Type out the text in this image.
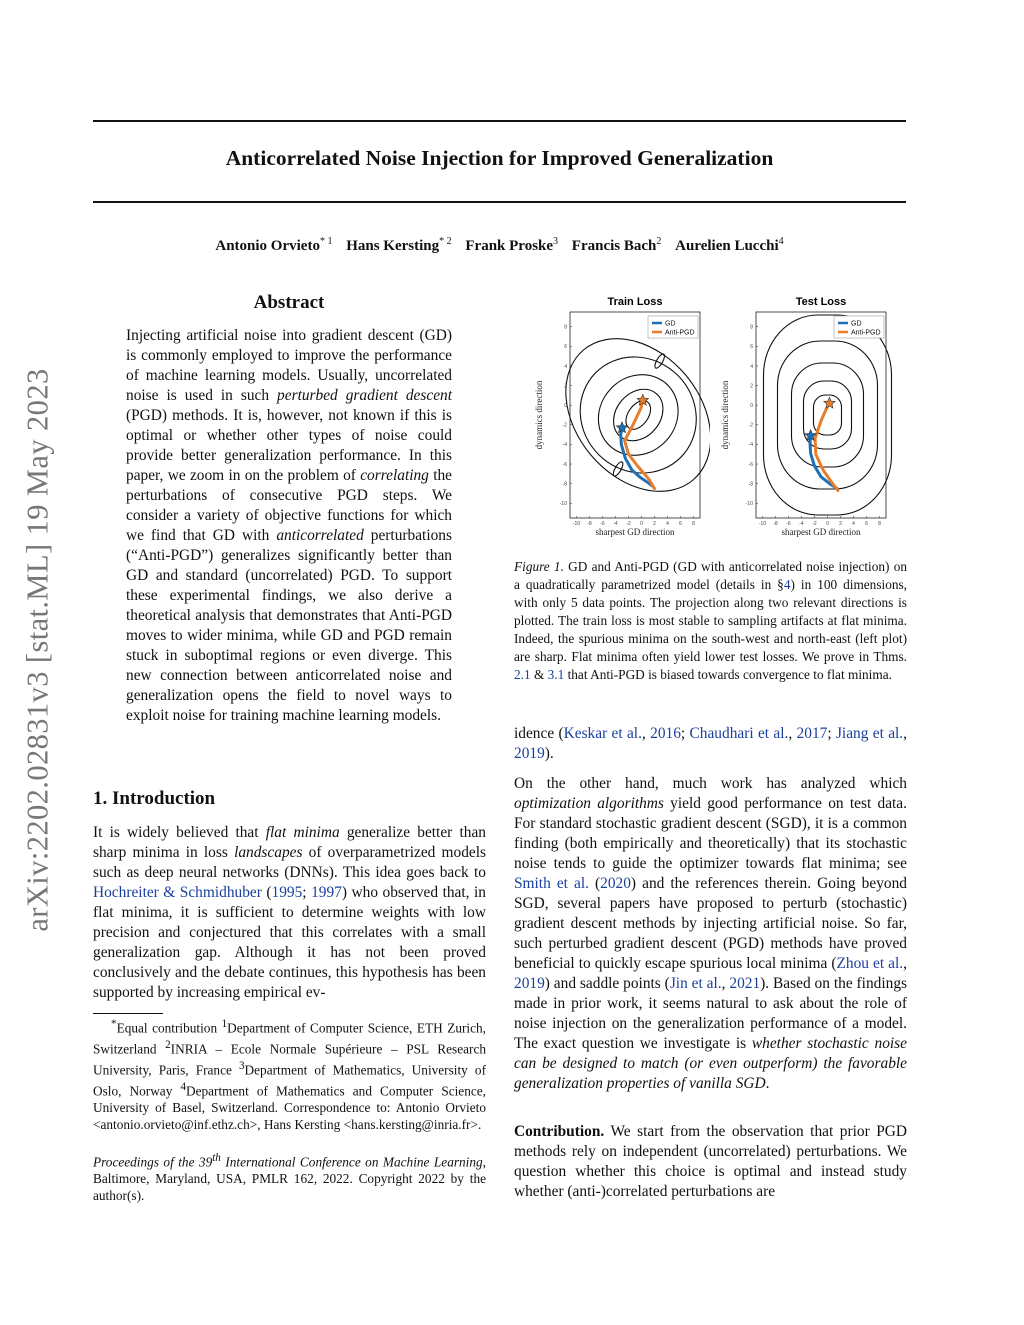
Anticorrelated Noise Injection for Improved Generalization
Antonio Orvieto$^{* 1}$ Hans Kersting$^{* 2}$ Frank Proske$^3$ Francis Bach$^2$ Aurelien Lucchi$^4$
arXiv:2202.02831v3 [stat.ML] 19 May 2023
Abstract
Injecting artificial noise into gradient descent (GD) is commonly employed to improve the performance of machine learning models. Usually, uncorrelated noise is used in such perturbed gradient descent (PGD) methods. It is, however, not known if this is optimal or whether other types of noise could provide better generalization performance. In this paper, we zoom in on the problem of correlating the perturbations of consecutive PGD steps. We consider a variety of objective functions for which we find that GD with anticorrelated perturbations (“Anti-PGD”) generalizes significantly better than GD and standard (uncorrelated) PGD. To support these experimental findings, we also derive a theoretical analysis that demonstrates that Anti-PGD moves to wider minima, while GD and PGD remain stuck in suboptimal regions or even diverge. This new connection between anticorrelated noise and generalization opens the field to novel ways to exploit noise for training machine learning models.
1. Introduction
It is widely believed that flat minima generalize better than sharp minima in loss landscapes of overparametrized models such as deep neural networks (DNNs). This idea goes back to Hochreiter & Schmidhuber (1995; 1997) who observed that, in flat minima, it is sufficient to determine weights with low precision and conjectured that this correlates with a small generalization gap. Although it has not been proved conclusively and the debate continues, this hypothesis has been supported by increasing empirical ev-
*Equal contribution $^1$Department of Computer Science, ETH Zurich, Switzerland $^2$INRIA – Ecole Normale Supérieure – PSL Research University, Paris, France $^3$Department of Mathematics, University of Oslo, Norway $^4$Department of Mathematics and Computer Science, University of Basel, Switzerland. Correspondence to: Antonio Orvieto <antonio.orvieto@inf.ethz.ch>, Hans Kersting <hans.kersting@inria.fr>.
Proceedings of the 39th International Conference on Machine Learning, Baltimore, Maryland, USA, PMLR 162, 2022. Copyright 2022 by the author(s).
Train Loss
-10 -8 -6 -4 -2 0 2 4 6 8
8
6
4
2
0
-2
-4
-6
-8
-10
sharpest GD direction
dynamics direction
GD
Anti-PGD
Test Loss
-10 -8 -6 -4 -2 0 2 4 6 8
8
6
4
2
0
-2
-4
-6
-8
-10
sharpest GD direction
dynamics direction
GD
Anti-PGD
Figure 1. GD and Anti-PGD (GD with anticorrelated noise injection) on a quadratically parametrized model (details in §4) in 100 dimensions, with only 5 data points. The projection along two relevant directions is plotted. The train loss is most stable to sampling artifacts at flat minima. Indeed, the spurious minima on the south-west and north-east (left plot) are sharp. Flat minima often yield lower test losses. We prove in Thms. 2.1 & 3.1 that Anti-PGD is biased towards convergence to flat minima.
idence (Keskar et al., 2016; Chaudhari et al., 2017; Jiang et al., 2019).
On the other hand, much work has analyzed which optimization algorithms yield good performance on test data. For standard stochastic gradient descent (SGD), it is a common finding (both empirically and theoretically) that its stochastic noise tends to guide the optimizer towards flat minima; see Smith et al. (2020) and the references therein. Going beyond SGD, several papers have proposed to perturb (stochastic) gradient descent methods by injecting artificial noise. So far, such perturbed gradient descent (PGD) methods have proved beneficial to quickly escape spurious local minima (Zhou et al., 2019) and saddle points (Jin et al., 2021). Based on the findings made in prior work, it seems natural to ask about the role of noise injection on the generalization performance of a model. The exact question we investigate is whether stochastic noise can be designed to match (or even outperform) the favorable generalization properties of vanilla SGD.
Contribution. We start from the observation that prior PGD methods rely on independent (uncorrelated) perturbations. We question whether this choice is optimal and instead study whether (anti-)correlated perturbations are
